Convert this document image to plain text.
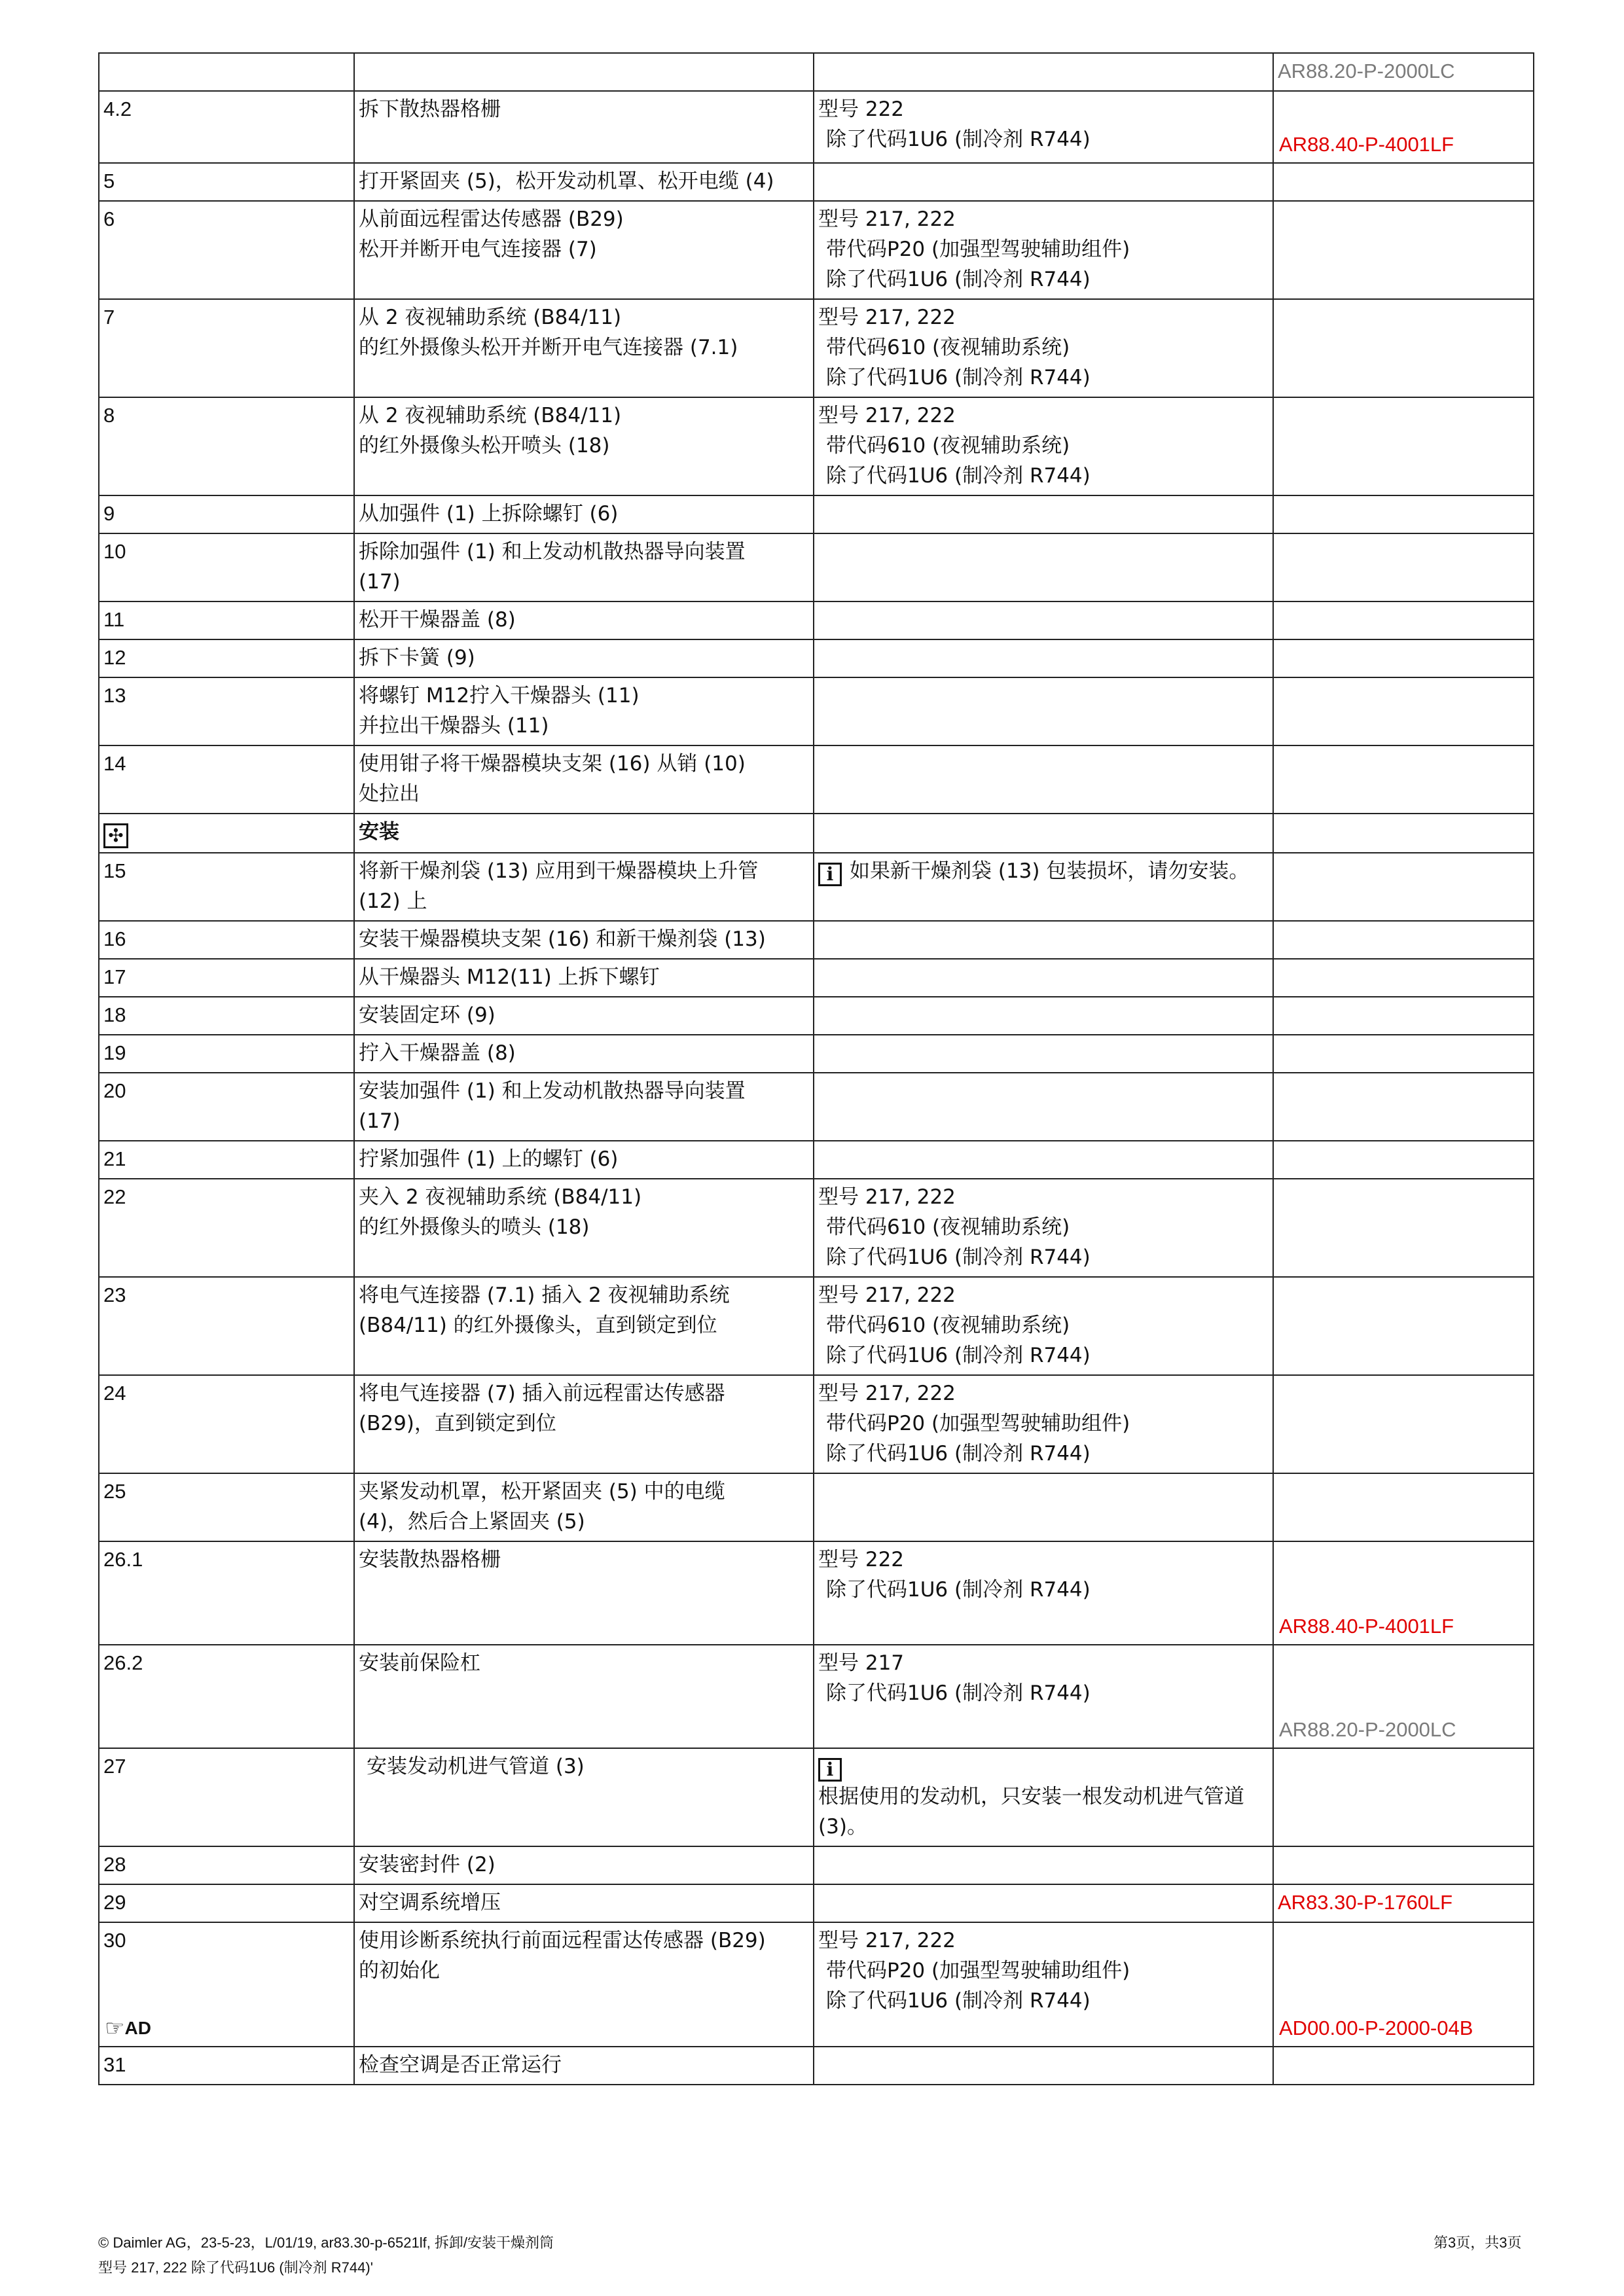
			AR88.20-P-2000LC

4.2	拆下散热器格栅	型号 222
除了代码1U6 (制冷剂 R744)	AR88.40-P-4001LF

5	打开紧固夹 (5)，松开发动机罩、松开电缆 (4)		

6	从前面远程雷达传感器 (B29)
松开并断开电气连接器 (7)	型号 217, 222
带代码P20 (加强型驾驶辅助组件)
除了代码1U6 (制冷剂 R744)	

7	从 2 夜视辅助系统 (B84/11)
的红外摄像头松开并断开电气连接器 (7.1)	型号 217, 222
带代码610 (夜视辅助系统)
除了代码1U6 (制冷剂 R744)	

8	从 2 夜视辅助系统 (B84/11)
的红外摄像头松开喷头 (18)	型号 217, 222
带代码610 (夜视辅助系统)
除了代码1U6 (制冷剂 R744)	

9	从加强件 (1) 上拆除螺钉 (6)		

10	拆除加强件 (1) 和上发动机散热器导向装置
(17)		

11	松开干燥器盖 (8)		

12	拆下卡簧 (9)		

13	将螺钉 M12拧入干燥器头 (11)
并拉出干燥器头 (11)		

14	使用钳子将干燥器模块支架 (16) 从销 (10)
处拉出		

✣	安装		
15	将新干燥剂袋 (13) 应用到干燥器模块上升管
(12) 上	i 如果新干燥剂袋 (13) 包装损坏，请勿安装。	

16	安装干燥器模块支架 (16) 和新干燥剂袋 (13)		

17	从干燥器头 M12(11) 上拆下螺钉		

18	安装固定环 (9)		

19	拧入干燥器盖 (8)		

20	安装加强件 (1) 和上发动机散热器导向装置
(17)		

21	拧紧加强件 (1) 上的螺钉 (6)		

22	夹入 2 夜视辅助系统 (B84/11)
的红外摄像头的喷头 (18)	型号 217, 222
带代码610 (夜视辅助系统)
除了代码1U6 (制冷剂 R744)	

23	将电气连接器 (7.1) 插入 2 夜视辅助系统
(B84/11) 的红外摄像头，直到锁定到位	型号 217, 222
带代码610 (夜视辅助系统)
除了代码1U6 (制冷剂 R744)	

24	将电气连接器 (7) 插入前远程雷达传感器
(B29)，直到锁定到位	型号 217, 222
带代码P20 (加强型驾驶辅助组件)
除了代码1U6 (制冷剂 R744)	

25	夹紧发动机罩，松开紧固夹 (5) 中的电缆
(4)，然后合上紧固夹 (5)		

26.1	安装散热器格栅	型号 222
除了代码1U6 (制冷剂 R744)	AR88.40-P-4001LF

26.2	安装前保险杠	型号 217
除了代码1U6 (制冷剂 R744)	AR88.20-P-2000LC

27	安装发动机进气管道 (3)	i
根据使用的发动机，只安装一根发动机进气管道 (3)。	

28	安装密封件 (2)		

29	对空调系统增压		AR83.30-P-1760LF

30
☞AD	使用诊断系统执行前面远程雷达传感器 (B29)
的初始化	型号 217, 222
带代码P20 (加强型驾驶辅助组件)
除了代码1U6 (制冷剂 R744)	AD00.00-P-2000-04B

31	检查空调是否正常运行		

© Daimler AG，23-5-23，L/01/19, ar83.30-p-6521lf, 拆卸/安装干燥剂筒
型号 217, 222 除了代码1U6 (制冷剂 R744)'
第3页，共3页
